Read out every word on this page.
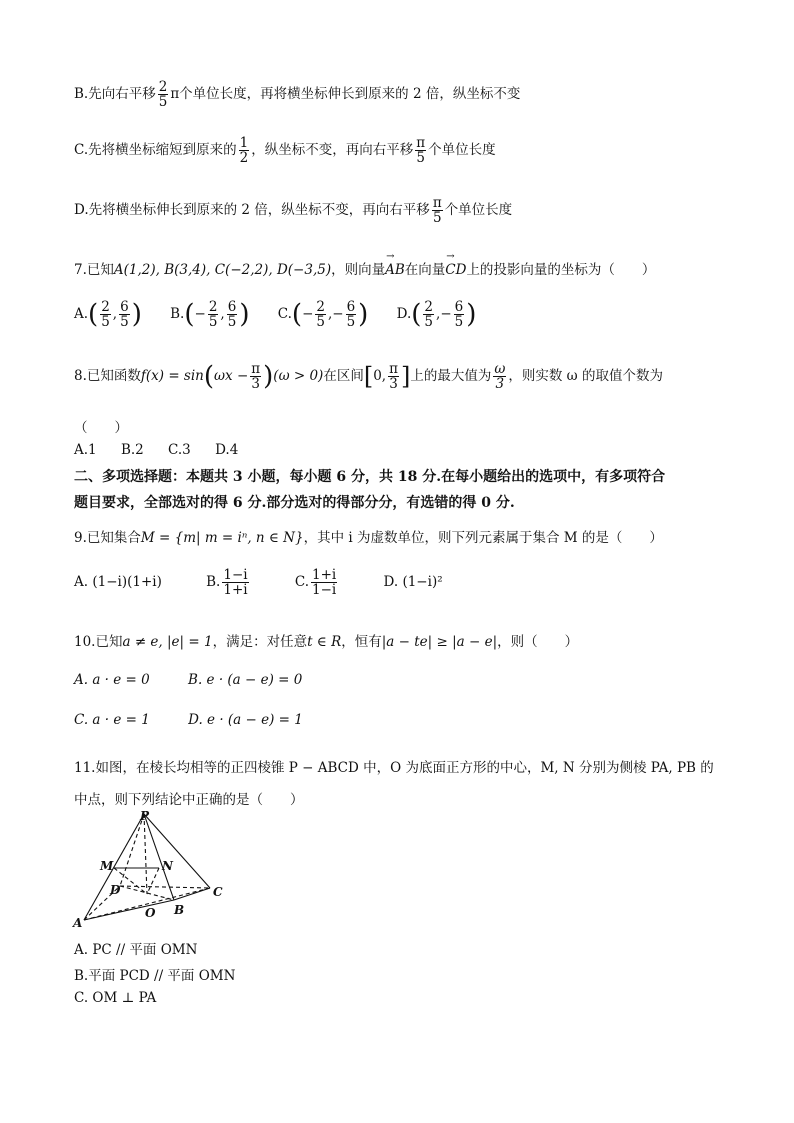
B.先向右平移 $\frac{2}{5}$ π个单位长度，再将横坐标伸长到原来的 2 倍，纵坐标不变
C.先将横坐标缩短到原来的 $\frac{1}{2}$ ，纵坐标不变，再向右平移 $\frac{\pi}{5}$ 个单位长度
D.先将横坐标伸长到原来的 2 倍，纵坐标不变，再向右平移 $\frac{\pi}{5}$ 个单位长度
7.已知A(1,2), B(3,4), C(−2,2), D(−3,5)，则向量→ AB在向量→ CD上的投影向量的坐标为（　　）
$A.( \frac{2}{5}$ , $\frac{6}{5}$ ) $B.(- \frac{2}{5}$ , $\frac{6}{5}$ ) $C.(- \frac{2}{5}$ ,− $\frac{6}{5}$ ) $D.( \frac{2}{5}$ ,− $\frac{6}{5}$ )
8.已知函数$f(x) = \sin(\omega x - \frac{\pi}{3} )(\omega > 0)$在区间[0, $\frac{\pi}{3}$ ]上的最大值为 $\frac{\omega}{3}$ ，则实数 ω 的取值个数为
（　　）
A.1 B.2 C.3 D.4
二、多项选择题：本题共 3 小题，每小题 6 分，共 18 分.在每小题给出的选项中，有多项符合
题目要求，全部选对的得 6 分.部分选对的得部分分，有选错的得 0 分.
9.已知集合M = {m| m = iⁿ, n ∈ N}，其中 i 为虚数单位，则下列元素属于集合 M 的是（　　）
A. (1−i)(1+i)	B. $\frac{1-i}{1+i}$	C. $\frac{1+i}{1-i}$	D. (1−i)²
10.已知a ≠ e, |e| = 1，满足：对任意t ∈ R，恒有|a − te| ≥ |a − e|，则（　　）
A. a · e = 0	B. e · (a − e) = 0
C. a · e = 1	D. e · (a − e) = 1
11.如图，在棱长均相等的正四棱锥 P − ABCD 中，O 为底面正方形的中心，M, N 分别为侧棱 PA, PB 的
中点，则下列结论中正确的是（　　）
P
M	N
D	C
O
A
B
A. PC // 平面 OMN
B.平面 PCD // 平面 OMN
C. OM ⊥ PA
